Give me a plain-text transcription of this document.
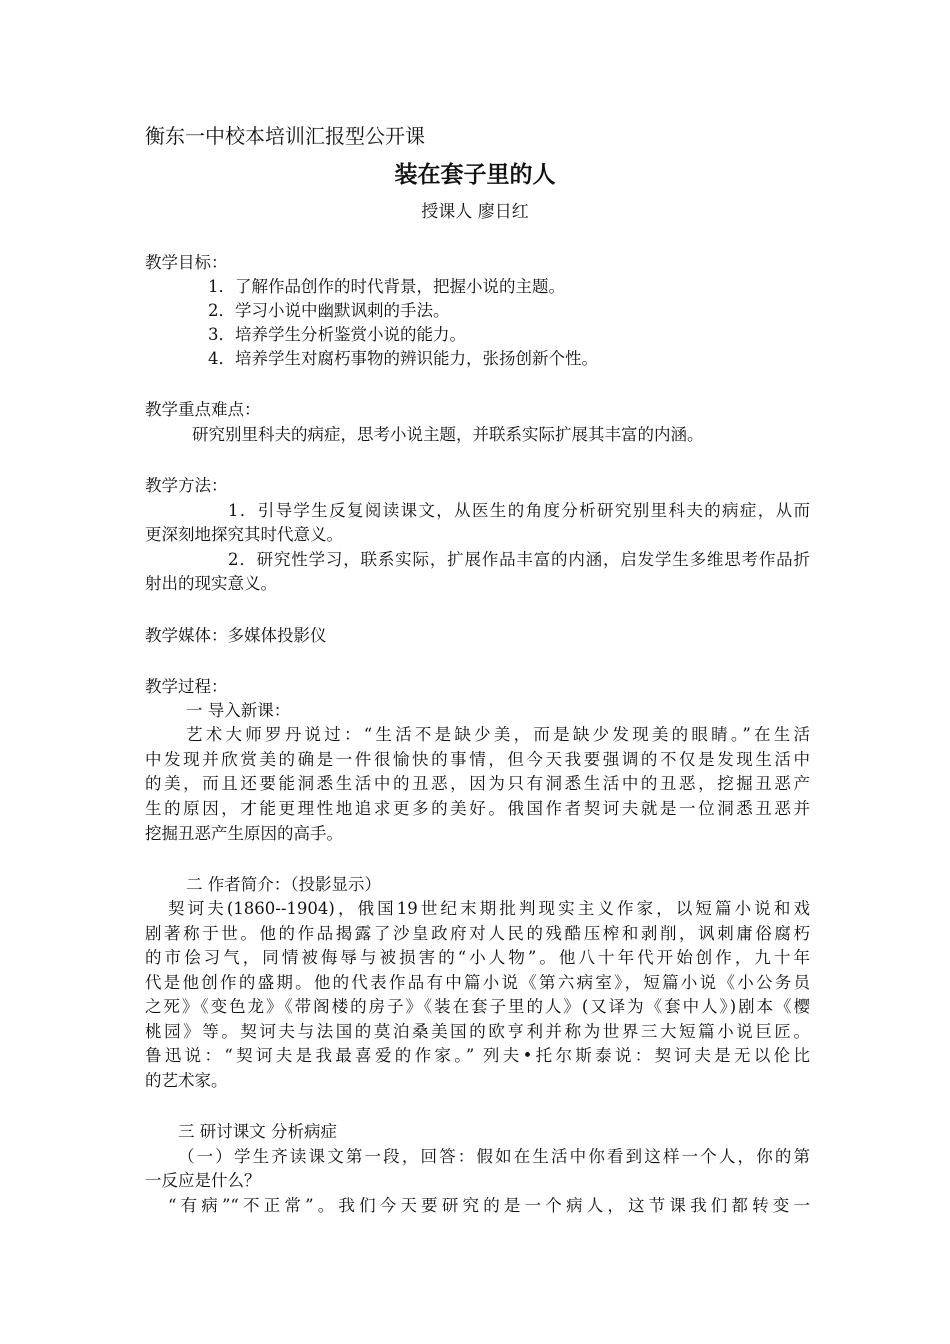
衡东一中校本培训汇报型公开课
装在套子里的人
授课人 廖日红
教学目标：
1．了解作品创作的时代背景，把握小说的主题。
2．学习小说中幽默讽刺的手法。
3．培养学生分析鉴赏小说的能力。
4．培养学生对腐朽事物的辨识能力，张扬创新个性。
教学重点难点：
研究别里科夫的病症，思考小说主题，并联系实际扩展其丰富的内涵。
教学方法：
1．引导学生反复阅读课文，从医生的角度分析研究别里科夫的病症，从而
更深刻地探究其时代意义。
2．研究性学习，联系实际，扩展作品丰富的内涵，启发学生多维思考作品折
射出的现实意义。
教学媒体：多媒体投影仪
教学过程：
一 导入新课：
艺术大师罗丹说过：“生活不是缺少美，而是缺少发现美的眼睛。”在生活
中发现并欣赏美的确是一件很愉快的事情，但今天我要强调的不仅是发现生活中
的美，而且还要能洞悉生活中的丑恶，因为只有洞悉生活中的丑恶，挖掘丑恶产
生的原因，才能更理性地追求更多的美好。俄国作者契诃夫就是一位洞悉丑恶并
挖掘丑恶产生原因的高手。
二 作者简介：（投影显示）
契诃夫(1860--1904)，俄国19世纪末期批判现实主义作家，以短篇小说和戏
剧著称于世。他的作品揭露了沙皇政府对人民的残酷压榨和剥削，讽刺庸俗腐朽
的市侩习气，同情被侮辱与被损害的“小人物”。他八十年代开始创作，九十年
代是他创作的盛期。他的代表作品有中篇小说《第六病室》，短篇小说《小公务员
之死》《变色龙》《带阁楼的房子》《装在套子里的人》(又译为《套中人》)剧本《樱
桃园》等。契诃夫与法国的莫泊桑美国的欧亨利并称为世界三大短篇小说巨匠。
鲁迅说：“契诃夫是我最喜爱的作家。” 列夫•托尔斯泰说：契诃夫是无以伦比
的艺术家。
三 研讨课文 分析病症
（一）学生齐读课文第一段，回答：假如在生活中你看到这样一个人，你的第
一反应是什么？
“有病”“不正常”。我们今天要研究的是一个病人，这节课我们都转变一
